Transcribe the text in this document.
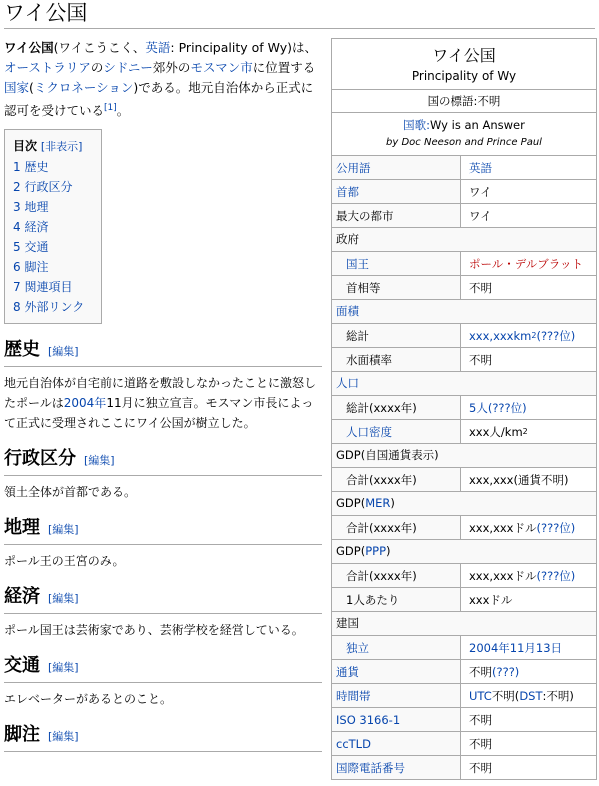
ワイ公国

ワイ公国(ワイこうこく、英語: Principality of Wy)は、オーストラリアのシドニー郊外のモスマン市に位置する国家(ミクロネーション)である。地元自治体から正式に認可を受けている[1]。

目次 [非表示]
1 歴史
2 行政区分
3 地理
4 経済
5 交通
6 脚注
7 関連項目
8 外部リンク
歴史 [編集]

地元自治体が自宅前に道路を敷設しなかったことに激怒したポールは2004年11月に独立宣言。モスマン市長によって正式に受理されここにワイ公国が樹立した。

行政区分 [編集]

領土全体が首都である。

地理 [編集]

ポール王の王宮のみ。

経済 [編集]

ポール国王は芸術家であり、芸術学校を経営している。

交通 [編集]

エレベーターがあるとのこと。

脚注 [編集]
ワイ公国
Principality of Wy
国の標語:不明
国歌:Wy is an Answer
by Doc Neeson and Prince Paul
公用語	英語
首都	ワイ
最大の都市	ワイ
政府
国王	ポール・デルブラット
首相等	不明
面積
総計	xxx,xxxkm 2 (???位)
水面積率	不明
人口
総計(xxxx年)	5人 (???位)
人口密度	xxx人/km 2
GDP(自国通貨表示)
合計(xxxx年)	xxx,xxx(通貨不明)
GDP(MER)
合計(xxxx年)	xxx,xxxドル (???位)
GDP(PPP)
合計(xxxx年)	xxx,xxxドル (???位)
1人あたり	xxxドル
建国
独立	2004年11月13日
通貨	不明 (???)
時間帯	UTC 不明( DST :不明)
ISO 3166-1	不明
ccTLD	不明
国際電話番号	不明
